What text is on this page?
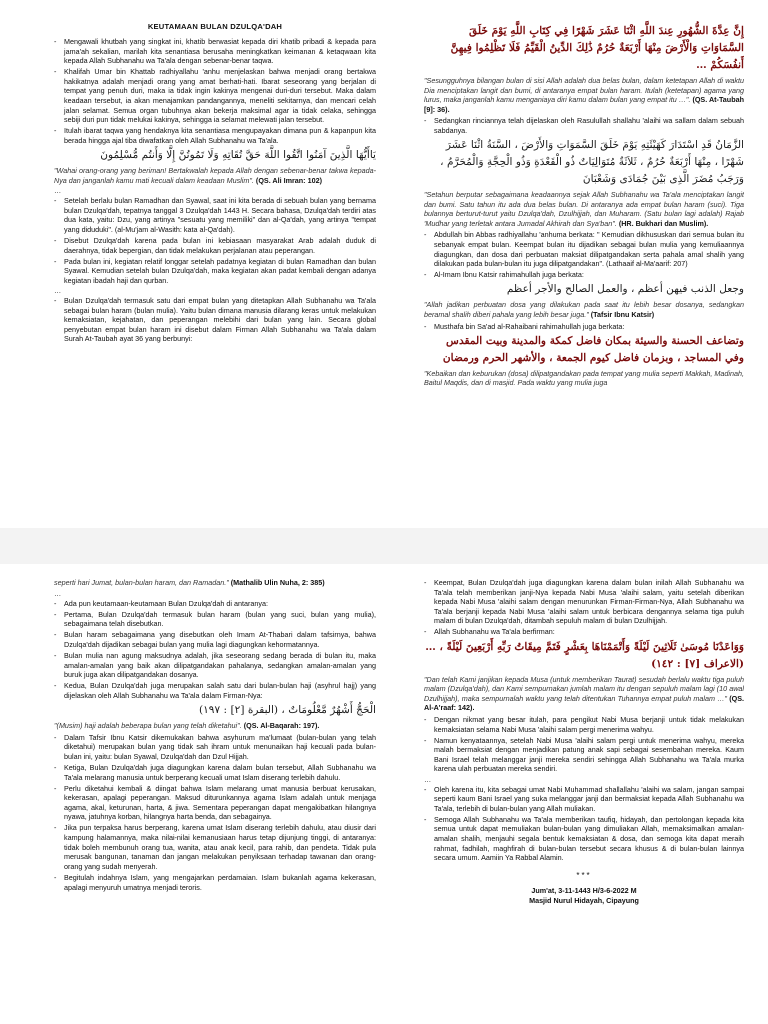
KEUTAMAAN BULAN DZULQA'DAH
- Mengawali khutbah yang singkat ini, khatib berwasiat kepada diri khatib pribadi & kepada para jama'ah sekalian, marilah kita senantiasa berusaha meningkatkan keimanan & ketaqwaan kita kepada Allah Subhanahu wa Ta'ala dengan sebenar-benar taqwa.
- Khalifah Umar bin Khattab radhiyallahu 'anhu menjelaskan bahwa menjadi orang bertakwa hakikatnya adalah menjadi orang yang amat berhati-hati. Ibarat seseorang yang berjalan di tempat yang penuh duri, maka ia tidak ingin kakinya mengenai duri-duri tersebut. Maka dalam keadaan tersebut, ia akan menajamkan pandangannya, meneliti sekitarnya, dan mencari celah jalan selamat. Semua organ tubuhnya akan bekerja maksimal agar ia tidak celaka, sehingga sebiji duri pun tidak melukai kakinya, sehingga ia selamat melewati jalan tersebut.
- Itulah ibarat taqwa yang hendaknya kita senantiasa mengupayakan dimana pun & kapanpun kita berada hingga ajal tiba diwafatkan oleh Allah Subhanahu wa Ta'ala.
يَاأَيُّهَا الَّذِينَ آمَنُوا اتَّقُوا اللَّهَ حَقَّ تُقَاتِهِ وَلَا تَمُوتُنَّ إِلَّا وَأَنتُم مُّسْلِمُونَ
"Wahai orang-orang yang beriman! Bertakwalah kepada Allah dengan sebenar-benar takwa kepada-Nya dan janganlah kamu mati kecuali dalam keadaan Muslim". (QS. Ali Imran: 102)
…
- Setelah berlalu bulan Ramadhan dan Syawal, saat ini kita berada di sebuah bulan yang bernama bulan Dzulqa'dah, tepatnya tanggal 3 Dzulqa'dah 1443 H. Secara bahasa, Dzulqa'dah terdiri atas dua kata, yaitu: Dzu, yang artinya "sesuatu yang memiliki" dan al-Qa'dah, yang artinya "tempat yang diduduki". (al-Mu'jam al-Wasith: kata al-Qa'dah).
- Disebut Dzulqa'dah karena pada bulan ini kebiasaan masyarakat Arab adalah duduk di daerahnya, tidak bepergian, dan tidak melakukan perjalanan atau peperangan.
- Pada bulan ini, kegiatan relatif longgar setelah padatnya kegiatan di bulan Ramadhan dan bulan Syawal. Kemudian setelah bulan Dzulqa'dah, maka kegiatan akan padat kembali dengan adanya kegiatan ibadah haji dan qurban.
…
- Bulan Dzulqa'dah termasuk satu dari empat bulan yang ditetapkan Allah Subhanahu wa Ta'ala sebagai bulan haram (bulan mulia). Yaitu bulan dimana manusia dilarang keras untuk melakukan kemaksiatan, kejahatan, dan peperangan melebihi dari bulan yang lain. Secara global penyebutan empat bulan haram ini disebut dalam Firman Allah Subhanahu wa Ta'ala dalam Surah At-Taubah ayat 36 yang berbunyi:
إِنَّ عِدَّةَ الشُّهُورِ عِندَ اللَّهِ اثْنَا عَشَرَ شَهْرًا فِي كِتَابِ اللَّهِ يَوْمَ خَلَقَ السَّمَاوَاتِ وَالْأَرْضَ مِنْهَا أَرْبَعَةٌ حُرُمٌ ذَٰلِكَ الدِّينُ الْقَيِّمُ فَلَا تَظْلِمُوا فِيهِنَّ أَنفُسَكُمْ …
"Sesungguhnya bilangan bulan di sisi Allah adalah dua belas bulan, dalam ketetapan Allah di waktu Dia menciptakan langit dan bumi, di antaranya empat bulan haram. Itulah (ketetapan) agama yang lurus, maka janganlah kamu menganiaya diri kamu dalam bulan yang empat itu …". (QS. At-Taubah [9]: 36).
- Sedangkan rinciannya telah dijelaskan oleh Rasulullah shallahu 'alaihi wa sallam dalam sebuah sabdanya.
الزَّمَانُ قَدِ اسْتَدَارَ كَهَيْئَتِهِ يَوْمَ خَلَقَ السَّمَوَاتِ وَالأَرْضَ ، السَّنَةُ اثْنَا عَشَرَ شَهْرًا ، مِنْهَا أَرْبَعَةٌ حُرُمٌ ، ثَلاَثَةٌ مُتَوَالِيَاتٌ ذُو الْقَعْدَةِ وَذُو الْحِجَّةِ وَالْمُحَرَّمُ ، وَرَجَبُ مُضَرَ الَّذِى بَيْنَ جُمَادَى وَشَعْبَانَ
"Setahun berputar sebagaimana keadaannya sejak Allah Subhanahu wa Ta'ala menciptakan langit dan bumi. Satu tahun itu ada dua belas bulan. Di antaranya ada empat bulan haram (suci). Tiga bulannya berturut-turut yaitu Dzulqa'dah, Dzulhijjah, dan Muharam. (Satu bulan lagi adalah) Rajab 'Mudhar yang terletak antara Jumadal Akhirah dan Sya'ban". (HR. Bukhari dan Muslim).
- Abdullah bin Abbas radhiyallahu 'anhuma berkata: " Kemudian dikhususkan dari semua bulan itu sebanyak empat bulan. Keempat bulan itu dijadikan sebagai bulan mulia yang kemuliaannya diagungkan, dan dosa dari perbuatan maksiat dilipatgandakan serta pahala amal shalih yang dilakukan pada bulan-bulan itu juga dilipatgandakan". (Lathaaif al-Ma'aarif: 207)
- Al-Imam Ibnu Katsir rahimahullah juga berkata:
وجعل الذنب فيهن أعظم ، والعمل الصالح والأجر أعظم
"Allah jadikan perbuatan dosa yang dilakukan pada saat itu lebih besar dosanya, sedangkan beramal shalih diberi pahala yang lebih besar juga." (Tafsir Ibnu Katsir)
- Musthafa bin Sa'ad al-Rahaibani rahimahullah juga berkata:
وتضاعف الحسنة والسيئة بمكان فاضل كمكة والمدينة وبيت المقدس وفي المساجد ، وبزمان فاضل كيوم الجمعة ، والأشهر الحرم ورمضان
"Kebaikan dan keburukan (dosa) dilipatgandakan pada tempat yang mulia seperti Makkah, Madinah, Baitul Maqdis, dan di masjid. Pada waktu yang mulia juga
seperti hari Jumat, bulan-bulan haram, dan Ramadan." (Mathalib Ulin Nuha, 2: 385)
…
- Ada pun keutamaan-keutamaan Bulan Dzulqa'dah di antaranya:
- Pertama, Bulan Dzulqa'dah termasuk bulan haram (bulan yang suci, bulan yang mulia), sebagaimana telah disebutkan.
- Bulan haram sebagaimana yang disebutkan oleh Imam At-Thabari dalam tafsirnya, bahwa Dzulqa'dah dijadikan sebagai bulan yang mulia lagi diagungkan kehormatannya.
- Bulan mulia nan agung maksudnya adalah, jika seseorang sedang berada di bulan itu, maka amalan-amalan yang baik akan dilipatgandakan pahalanya, sedangkan amalan-amalan yang buruk juga akan dilipatgandakan dosanya.
- Kedua, Bulan Dzulqa'dah juga merupakan salah satu dari bulan-bulan haji (asyhrul hajj) yang dijelaskan oleh Allah Subhanahu wa Ta'ala dalam Firman-Nya:
الْحَجُّ أَشْهُرٌ مَّعْلُومَاتٌ ، (البقرة [٢] : ١٩٧)
"(Musim) haji adalah beberapa bulan yang telah diketahui". (QS. Al-Baqarah: 197).
- Dalam Tafsir Ibnu Katsir dikemukakan bahwa asyhurum ma'lumaat (bulan-bulan yang telah diketahui) merupakan bulan yang tidak sah ihram untuk menunaikan haji kecuali pada bulan-bulan ini, yaitu: bulan Syawal, Dzulqa'dah dan Dzul Hijjah.
- Ketiga, Bulan Dzulqa'dah juga diagungkan karena dalam bulan tersebut, Allah Subhanahu wa Ta'ala melarang manusia untuk berperang kecuali umat Islam diserang terlebih dahulu.
- Perlu diketahui kembali & diingat bahwa Islam melarang umat manusia berbuat kerusakan, kekerasan, apalagi peperangan. Maksud diturunkannya agama Islam adalah untuk menjaga agama, akal, keturunan, harta, & jiwa. Sementara peperangan dapat mengakibatkan hilangnya nyawa, jatuhnya korban, hilangnya harta benda, dan sebagainya.
- Jika pun terpaksa harus berperang, karena umat Islam diserang terlebih dahulu, atau diusir dari kampung halamannya, maka nilai-nilai kemanusiaan harus tetap dijunjung tinggi, di antaranya: tidak boleh membunuh orang tua, wanita, atau anak kecil, para rahib, dan pendeta. Tidak pula merusak bangunan, tanaman dan jangan melakukan penyiksaan terhadap tawanan dan orang-orang yang sudah menyerah.
- Begitulah indahnya Islam, yang mengajarkan perdamaian. Islam bukanlah agama kekerasan, apalagi menyuruh umatnya menjadi teroris.
- Keempat, Bulan Dzulqa'dah juga diagungkan karena dalam bulan inilah Allah Subhanahu wa Ta'ala telah memberikan janji-Nya kepada Nabi Musa 'alaihi salam, yaitu setelah diberikan kepada Nabi Musa 'alaihi salam dengan menurunkan Firman-Firman-Nya, Allah Subhanahu wa Ta'ala berjanji kepada Nabi Musa 'alaihi salam untuk berbicara dengannya selama tiga puluh malam di bulan Dzulqa'dah, ditambah sepuluh malam di bulan Dzulhijjah.
- Allah Subhanahu wa Ta'ala berfirman:
وَوَاعَدْنَا مُوسَىٰ ثَلَاثِينَ لَيْلَةً وَأَتْمَمْنَاهَا بِعَشْرٍ فَتَمَّ مِيقَاتُ رَبِّهِ أَرْبَعِينَ لَيْلَةً ، … (الاعراف [٧] : ١٤٢)
"Dan telah Kami janjikan kepada Musa (untuk memberikan Taurat) sesudah berlalu waktu tiga puluh malam (Dzulqa'dah), dan Kami sempurnakan jumlah malam itu dengan sepuluh malam lagi (10 awal Dzulhijjah), maka sempurnalah waktu yang telah ditentukan Tuhannya empat puluh malam …" (QS. Al-A'raaf: 142).
- Dengan nikmat yang besar itulah, para pengikut Nabi Musa berjanji untuk tidak melakukan kemaksiatan selama Nabi Musa 'alaihi salam pergi menerima wahyu.
- Namun kenyataannya, setelah Nabi Musa 'alaihi salam pergi untuk menerima wahyu, mereka malah bermaksiat dengan menjadikan patung anak sapi sebagai sesembahan mereka. Kaum Bani Israel telah melanggar janji mereka sendiri sehingga Allah Subhanahu wa Ta'ala murka karena ulah perbuatan mereka sendiri.
…
- Oleh karena itu, kita sebagai umat Nabi Muhammad shallallahu 'alaihi wa salam, jangan sampai seperti kaum Bani Israel yang suka melanggar janji dan bermaksiat kepada Allah Subhanahu wa Ta'ala, terlebih di bulan-bulan yang Allah muliakan.
- Semoga Allah Subhanahu wa Ta'ala memberikan taufiq, hidayah, dan pertolongan kepada kita semua untuk dapat memuliakan bulan-bulan yang dimuliakan Allah, memaksimalkan amalan-amalan shalih, menjauhi segala bentuk kemaksiatan & dosa, dan semoga kita dapat meraih rahmat, fadhilah, maghfirah di bulan-bulan tersebut secara khusus & di bulan-bulan lainnya secara umum. Aamiin Ya Rabbal Alamin.
***
Jum'at, 3-11-1443 H/3-6-2022 M
Masjid Nurul Hidayah, Cipayung
